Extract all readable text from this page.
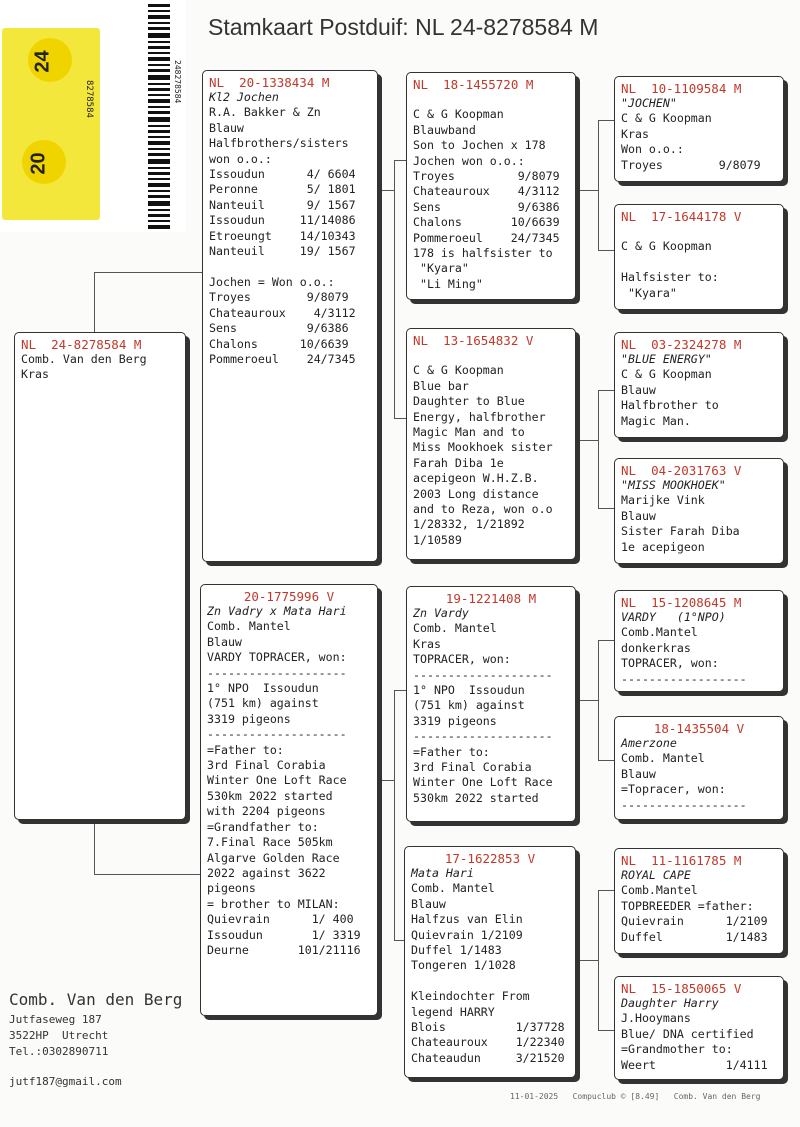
Stamkaart Postduif: NL 24-8278584 M
24
20
8278584	248278584
NL  24-8278584 M
Comb. Van den Berg
Kras
NL  20-1338434 M
Kl2 Jochen
R.A. Bakker & Zn
Blauw
Halfbrothers/sisters
won o.o.:
Issoudun      4/ 6604
Peronne       5/ 1801
Nanteuil      9/ 1567
Issoudun     11/14086
Etroeungt    14/10343
Nanteuil     19/ 1567

Jochen = Won o.o.:
Troyes        9/8079
Chateauroux    4/3112
Sens          9/6386
Chalons      10/6639
Pommeroeul    24/7345
20-1775996 V
Zn Vadry x Mata Hari
Comb. Mantel
Blauw
VARDY TOPRACER, won:
--------------------
1° NPO  Issoudun
(751 km) against
3319 pigeons
--------------------
=Father to:
3rd Final Corabia
Winter One Loft Race
530km 2022 started
with 2204 pigeons
=Grandfather to:
7.Final Race 505km
Algarve Golden Race
2022 against 3622
pigeons
= brother to MILAN:
Quievrain      1/ 400
Issoudun       1/ 3319
Deurne       101/21116
NL  18-1455720 M

C & G Koopman
Blauwband
Son to Jochen x 178
Jochen won o.o.:
Troyes         9/8079
Chateauroux    4/3112
Sens           9/6386
Chalons       10/6639
Pommeroeul    24/7345
178 is halfsister to
"Kyara"
"Li Ming"
NL  13-1654832 V

C & G Koopman
Blue bar
Daughter to Blue
Energy, halfbrother
Magic Man and to
Miss Mookhoek sister
Farah Diba 1e
acepigeon W.H.Z.B.
2003 Long distance
and to Reza, won o.o
1/28332, 1/21892
1/10589
19-1221408 M
Zn Vardy
Comb. Mantel
Kras
TOPRACER, won:
--------------------
1° NPO  Issoudun
(751 km) against
3319 pigeons
--------------------
=Father to:
3rd Final Corabia
Winter One Loft Race
530km 2022 started
17-1622853 V
Mata Hari
Comb. Mantel
Blauw
Halfzus van Elin
Quievrain 1/2109
Duffel 1/1483
Tongeren 1/1028

Kleindochter From
legend HARRY
Blois          1/37728
Chateauroux    1/22340
Chateaudun     3/21520
NL  10-1109584 M
"JOCHEN"
C & G Koopman
Kras
Won o.o.:
Troyes        9/8079
NL  17-1644178 V

C & G Koopman

Halfsister to:
"Kyara"
NL  03-2324278 M
"BLUE ENERGY"
C & G Koopman
Blauw
Halfbrother to
Magic Man.
NL  04-2031763 V
"MISS MOOKHOEK"
Marijke Vink
Blauw
Sister Farah Diba
1e acepigeon
NL  15-1208645 M
VARDY   (1°NPO)
Comb.Mantel
donkerkras
TOPRACER, won:
------------------
18-1435504 V
Amerzone
Comb. Mantel
Blauw
=Topracer, won:
------------------
NL  11-1161785 M
ROYAL CAPE
Comb.Mantel
TOPBREEDER =father:
Quievrain      1/2109
Duffel         1/1483
NL  15-1850065 V
Daughter Harry
J.Hooymans
Blue/ DNA certified
=Grandmother to:
Weert          1/4111
Comb. Van den Berg
Jutfaseweg 187
3522HP  Utrecht
Tel.:0302890711
jutf187@gmail.com
11-01-2025   Compuclub © [8.49]   Comb. Van den Berg
